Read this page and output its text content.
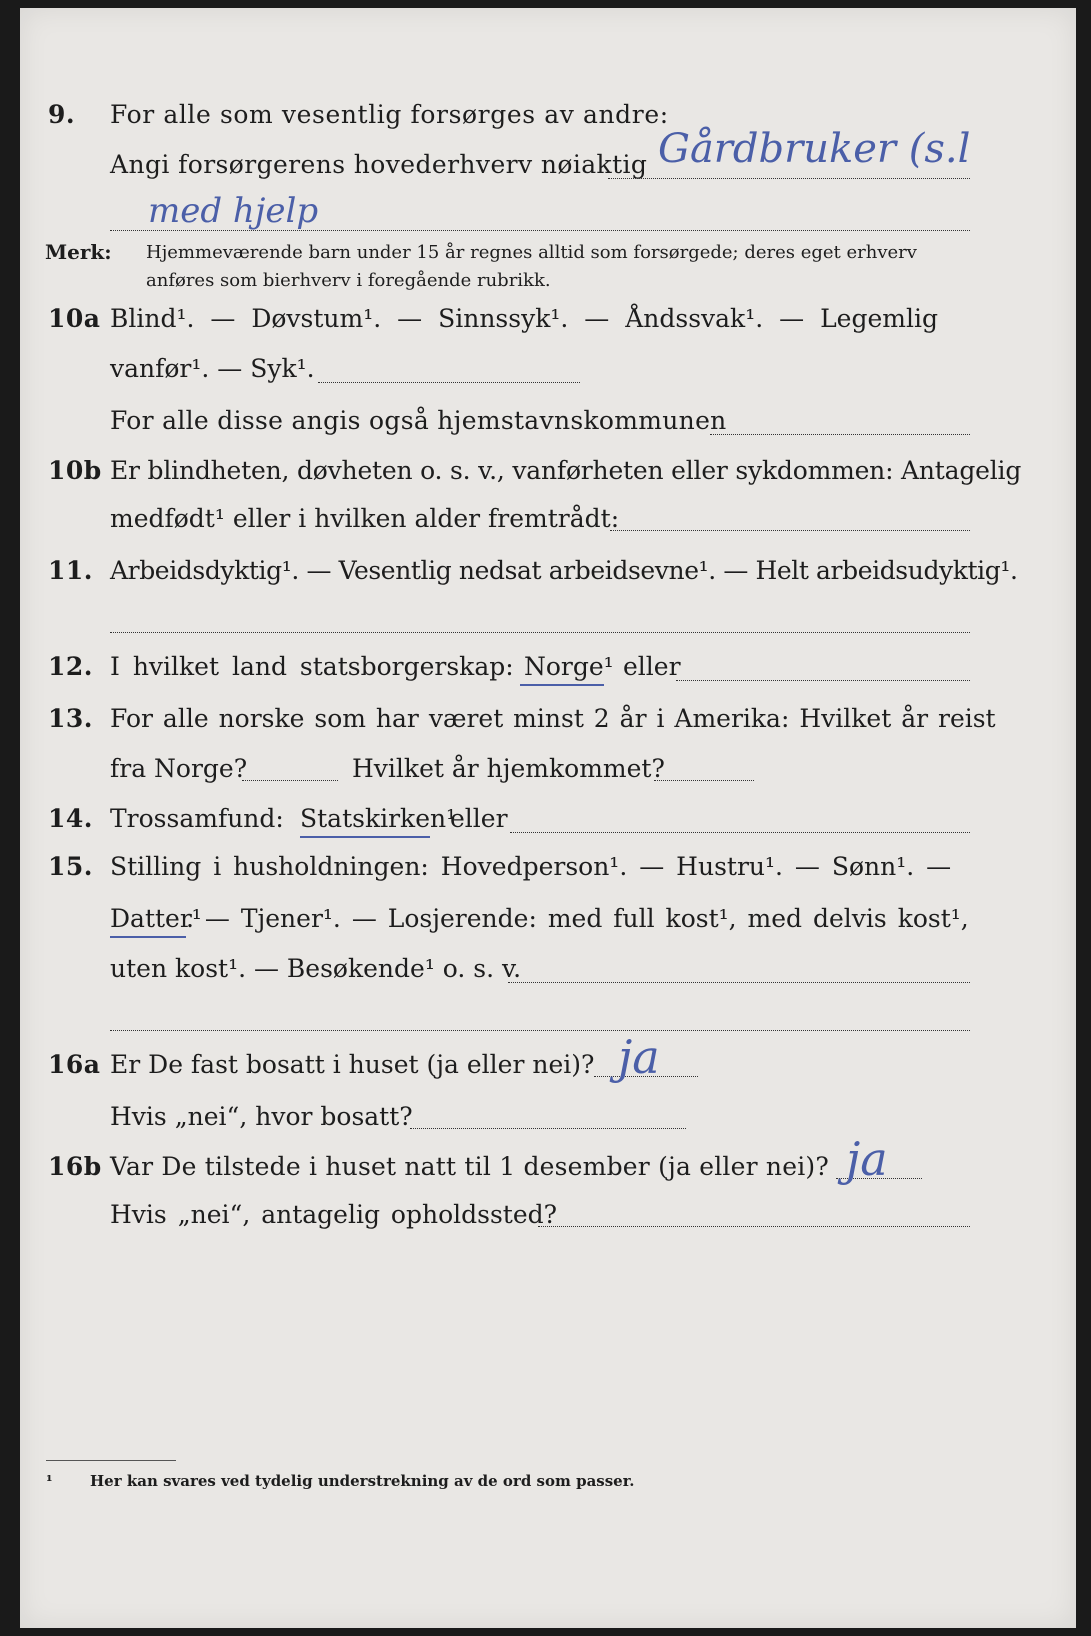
9. For alle som vesentlig forsørges av andre:
Angi forsørgerens hovederhverv nøiaktig Gårdbruker (s.l
med hjelp
Merk: Hjemmeværende barn under 15 år regnes alltid som forsørgede; deres eget erhverv
anføres som bierhverv i foregående rubrikk.
10a Blind¹. — Døvstum¹. — Sinnssyk¹. — Åndssvak¹. — Legemlig
vanfør¹. — Syk¹.
For alle disse angis også hjemstavnskommunen
10b Er blindheten, døvheten o. s. v., vanførheten eller sykdommen: Antagelig
medfødt¹ eller i hvilken alder fremtrådt:
11. Arbeidsdyktig¹. — Vesentlig nedsat arbeidsevne¹. — Helt arbeidsudyktig¹.
12. I hvilket land statsborgerskap: Norge¹ eller
13. For alle norske som har været minst 2 år i Amerika: Hvilket år reist
fra Norge?	Hvilket år hjemkommet?
14. Trossamfund: Statskirken¹
eller
15. Stilling i husholdningen: Hovedperson¹. — Hustru¹. — Sønn¹. —
Datter¹
. — Tjener¹. — Losjerende: med full kost¹, med delvis kost¹,
uten kost¹. — Besøkende¹ o. s. v.
16a Er De fast bosatt i huset (ja eller nei)? ja
Hvis „nei“, hvor bosatt?
16b Var De tilstede i huset natt til 1 desember (ja eller nei)? ja
Hvis „nei“, antagelig opholdssted?
¹ Her kan svares ved tydelig understrekning av de ord som passer.
